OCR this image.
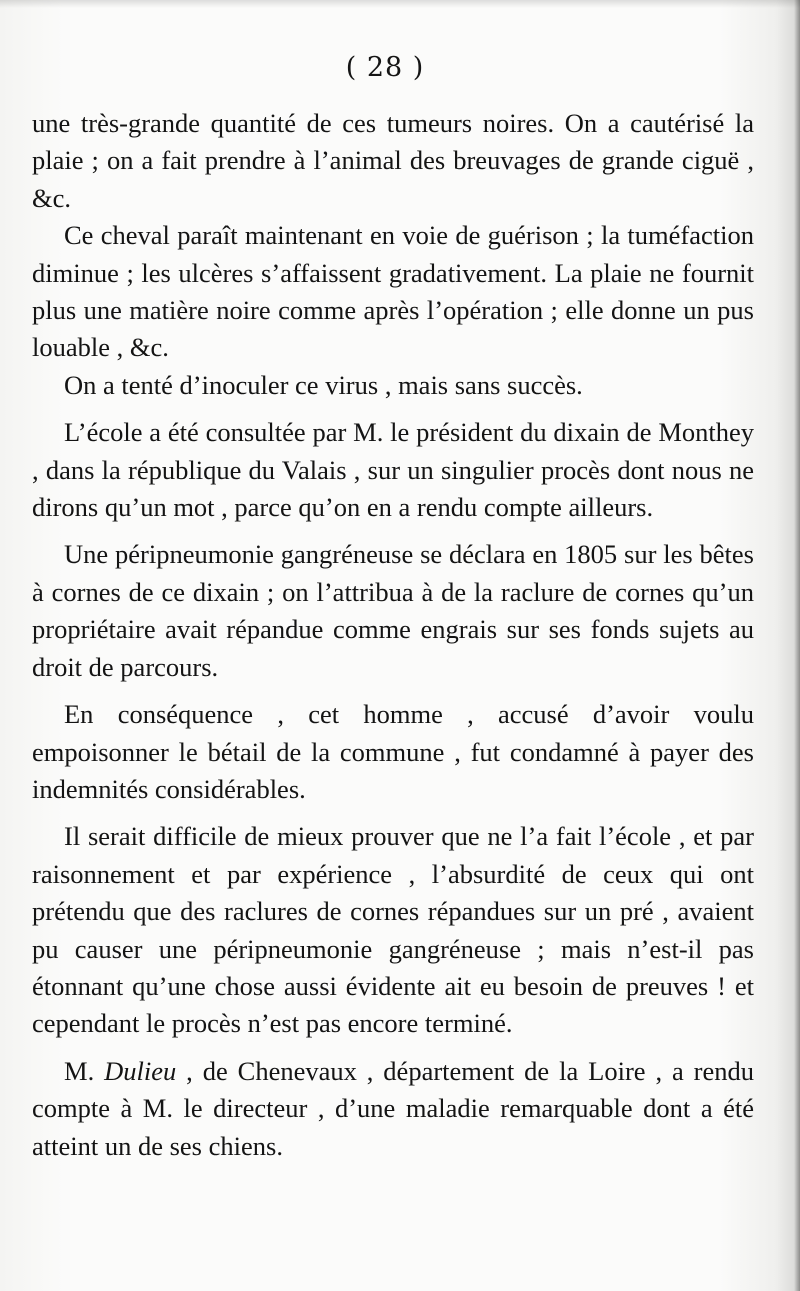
( 28 )

une très-grande quantité de ces tumeurs noires. On a cautérisé la plaie ; on a fait prendre à l’animal des breuvages de grande ciguë , &c.

Ce cheval paraît maintenant en voie de guérison ; la tuméfaction diminue ; les ulcères s’affaissent gradativement. La plaie ne fournit plus une matière noire comme après l’opération ; elle donne un pus louable , &c.

On a tenté d’inoculer ce virus , mais sans succès.

L’école a été consultée par M. le président du dixain de Monthey , dans la république du Valais , sur un singulier procès dont nous ne dirons qu’un mot , parce qu’on en a rendu compte ailleurs.

Une péripneumonie gangréneuse se déclara en 1805 sur les bêtes à cornes de ce dixain ; on l’attribua à de la raclure de cornes qu’un propriétaire avait répandue comme engrais sur ses fonds sujets au droit de parcours.

En conséquence , cet homme , accusé d’avoir voulu empoisonner le bétail de la commune , fut condamné à payer des indemnités considérables.

Il serait difficile de mieux prouver que ne l’a fait l’école , et par raisonnement et par expérience , l’absurdité de ceux qui ont prétendu que des raclures de cornes répandues sur un pré , avaient pu causer une péripneumonie gangréneuse ; mais n’est-il pas étonnant qu’une chose aussi évidente ait eu besoin de preuves ! et cependant le procès n’est pas encore terminé.

M. Dulieu , de Chenevaux , département de la Loire , a rendu compte à M. le directeur , d’une maladie remarquable dont a été atteint un de ses chiens.
